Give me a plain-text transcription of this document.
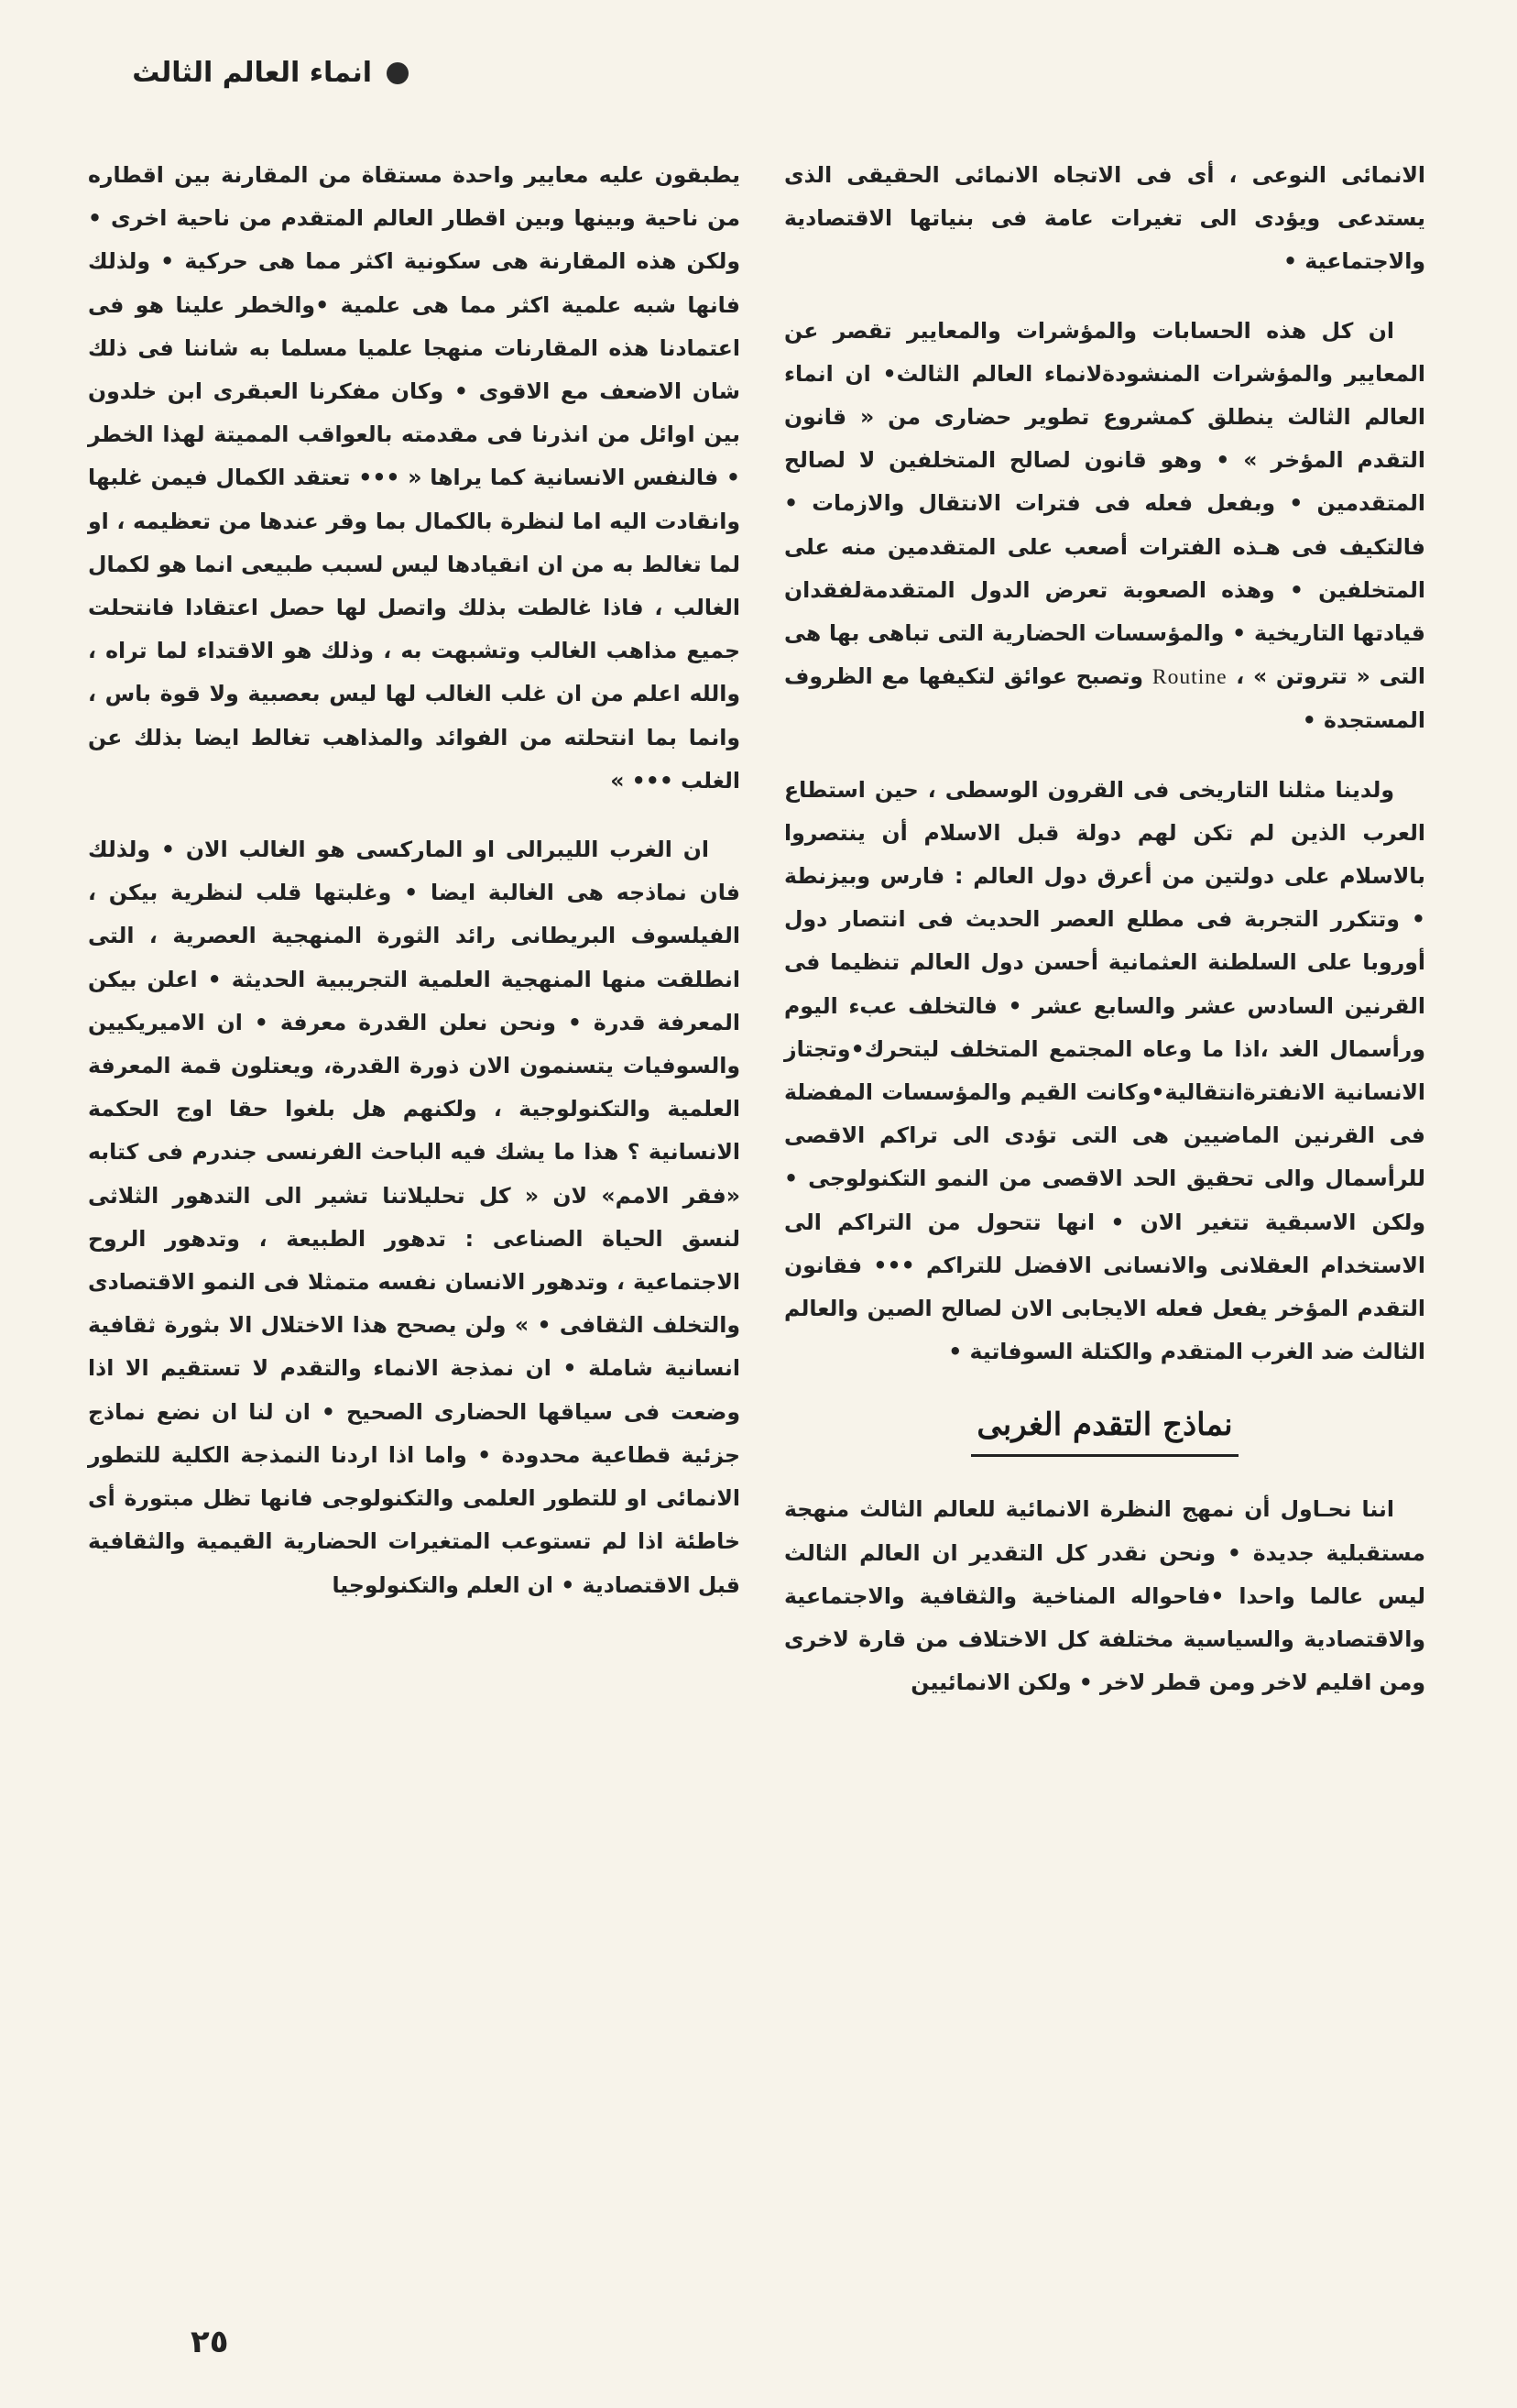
انماء العالم الثالث

الانمائى النوعى ، أى فى الاتجاه الانمائى الحقيقى الذى يستدعى ويؤدى الى تغيرات عامة فى بنياتها الاقتصادية والاجتماعية •

ان كل هذه الحسابات والمؤشرات والمعايير تقصر عن المعايير والمؤشرات المنشودةلانماء العالم الثالث• ان انماء العالم الثالث ينطلق كمشروع تطوير حضارى من « قانون التقدم المؤخر » • وهو قانون لصالح المتخلفين لا لصالح المتقدمين • وبفعل فعله فى فترات الانتقال والازمات • فالتكيف فى هـذه الفترات أصعب على المتقدمين منه على المتخلفين • وهذه الصعوبة تعرض الدول المتقدمةلفقدان قيادتها التاريخية • والمؤسسات الحضارية التى تباهى بها هى التى « تتروتن » ، Routine وتصبح عوائق لتكيفها مع الظروف المستجدة •

ولدينا مثلنا التاريخى فى القرون الوسطى ، حين استطاع العرب الذين لم تكن لهم دولة قبل الاسلام أن ينتصروا بالاسلام على دولتين من أعرق دول العالم : فارس وبيزنطة • وتتكرر التجربة فى مطلع العصر الحديث فى انتصار دول أوروبا على السلطنة العثمانية أحسن دول العالم تنظيما فى القرنين السادس عشر والسابع عشر • فالتخلف عبء اليوم ورأسمال الغد ،اذا ما وعاه المجتمع المتخلف ليتحرك•وتجتاز الانسانية الانفترةانتقالية•وكانت القيم والمؤسسات المفضلة فى القرنين الماضيين هى التى تؤدى الى تراكم الاقصى للرأسمال والى تحقيق الحد الاقصى من النمو التكنولوجى • ولكن الاسبقية تتغير الان • انها تتحول من التراكم الى الاستخدام العقلانى والانسانى الافضل للتراكم ••• فقانون التقدم المؤخر يفعل فعله الايجابى الان لصالح الصين والعالم الثالث ضد الغرب المتقدم والكتلة السوفاتية •

نماذج التقدم الغربى

اننا نحـاول أن نمهج النظرة الانمائية للعالم الثالث منهجة مستقبلية جديدة • ونحن نقدر كل التقدير ان العالم الثالث ليس عالما واحدا •فاحواله المناخية والثقافية والاجتماعية والاقتصادية والسياسية مختلفة كل الاختلاف من قارة لاخرى ومن اقليم لاخر ومن قطر لاخر • ولكن الانمائيين

يطبقون عليه معايير واحدة مستقاة من المقارنة بين اقطاره من ناحية وبينها وبين اقطار العالم المتقدم من ناحية اخرى • ولكن هذه المقارنة هى سكونية اكثر مما هى حركية • ولذلك فانها شبه علمية اكثر مما هى علمية •والخطر علينا هو فى اعتمادنا هذه المقارنات منهجا علميا مسلما به شاننا فى ذلك شان الاضعف مع الاقوى • وكان مفكرنا العبقرى ابن خلدون بين اوائل من انذرنا فى مقدمته بالعواقب المميتة لهذا الخطر • فالنفس الانسانية كما يراها « ••• تعتقد الكمال فيمن غلبها وانقادت اليه اما لنظرة بالكمال بما وقر عندها من تعظيمه ، او لما تغالط به من ان انقيادها ليس لسبب طبيعى انما هو لكمال الغالب ، فاذا غالطت بذلك واتصل لها حصل اعتقادا فانتحلت جميع مذاهب الغالب وتشبهت به ، وذلك هو الاقتداء لما تراه ، والله اعلم من ان غلب الغالب لها ليس بعصبية ولا قوة باس ، وانما بما انتحلته من الفوائد والمذاهب تغالط ايضا بذلك عن الغلب ••• »

ان الغرب الليبرالى او الماركسى هو الغالب الان • ولذلك فان نماذجه هى الغالبة ايضا • وغلبتها قلب لنظرية بيكن ، الفيلسوف البريطانى رائد الثورة المنهجية العصرية ، التى انطلقت منها المنهجية العلمية التجريبية الحديثة • اعلن بيكن المعرفة قدرة • ونحن نعلن القدرة معرفة • ان الاميريكيين والسوفيات يتسنمون الان ذورة القدرة، ويعتلون قمة المعرفة العلمية والتكنولوجية ، ولكنهم هل بلغوا حقا اوج الحكمة الانسانية ؟ هذا ما يشك فيه الباحث الفرنسى جندرم فى كتابه «فقر الامم» لان « كل تحليلاتنا تشير الى التدهور الثلاثى لنسق الحياة الصناعى : تدهور الطبيعة ، وتدهور الروح الاجتماعية ، وتدهور الانسان نفسه متمثلا فى النمو الاقتصادى والتخلف الثقافى • » ولن يصحح هذا الاختلال الا بثورة ثقافية انسانية شاملة • ان نمذجة الانماء والتقدم لا تستقيم الا اذا وضعت فى سياقها الحضارى الصحيح • ان لنا ان نضع نماذج جزئية قطاعية محدودة • واما اذا اردنا النمذجة الكلية للتطور الانمائى او للتطور العلمى والتكنولوجى فانها تظل مبتورة أى خاطئة اذا لم تستوعب المتغيرات الحضارية القيمية والثقافية قبل الاقتصادية • ان العلم والتكنولوجيا

٢٥
